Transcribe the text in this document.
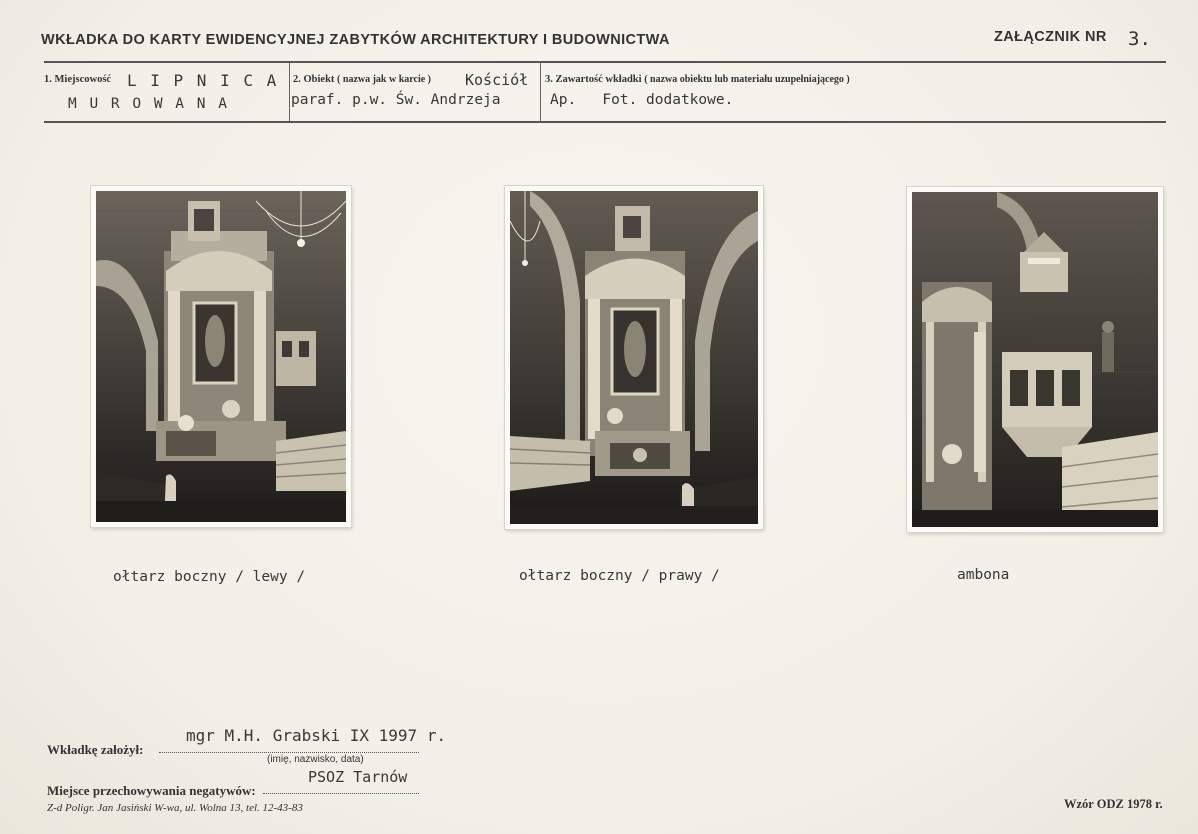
WKŁADKA DO KARTY EWIDENCYJNEJ ZABYTKÓW ARCHITEKTURY I BUDOWNICTWA	ZAŁĄCZNIK NR 3.
1. Miejscowość L I P N I C A
M U R O W A N A
2. Obiekt ( nazwa jak w karcie ) Kościół
paraf. p.w. Św. Andrzeja
3. Zawartość wkładki ( nazwa obiektu lub materiału uzupełniającego )
Ap.   Fot. dodatkowe.
ołtarz boczny / lewy /	ołtarz boczny / prawy /	ambona
mgr M.H. Grabski IX 1997 r.
Wkładkę założył:
(imię, nazwisko, data)
PSOZ Tarnów
Miejsce przechowywania negatywów:
Z-d Poligr. Jan Jasiński W-wa, ul. Wolna 13, tel. 12-43-83	Wzór ODZ 1978 r.
